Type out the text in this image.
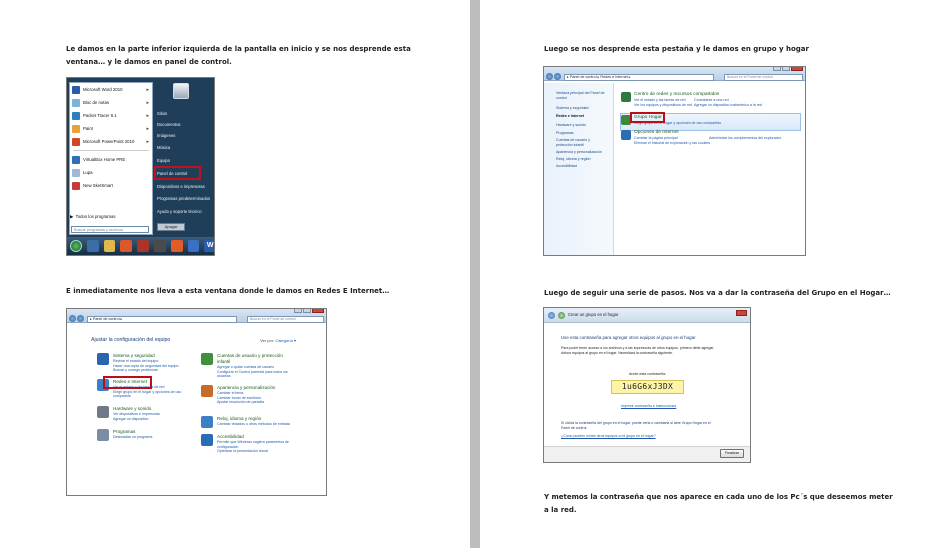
Le damos en la parte inferior izquierda de la pantalla en inicio y se nos desprende esta
ventana… y le damos en panel de control.
Microsoft Word 2010	▸
Bloc de notas	▸
Packet Tracer 6.1	▸
Paint	▸
Microsoft PowerPoint 2010 ▸
VirtualBox Home PRE
Lupa
New SketSmart
▶  Todos los programas
Buscar programas y archivos
Sitios
Documentos
Imágenes
Música
Equipo
Panel de control
Dispositivos e impresoras
Programas predeterminados
Ayuda y soporte técnico
Apagar
W
E inmediatamente nos lleva a esta ventana donde le damos en Redes E Internet…
▸ Panel de control ▸	Buscar en el Panel de control
Ajustar la configuración del equipo	Ver por: Categoría ▾
Sistema y seguridad
Revisar el estado del equipo
Hacer una copia de seguridad del equipo
Buscar y corregir problemas
Redes e Internet
Ver el estado y las tareas de red
Elegir grupo en el hogar y opciones de uso
compartido
Hardware y sonido
Ver dispositivos e impresoras
Agregar un dispositivo
Programas
Desinstalar un programa
Cuentas de usuario y protección
infantil
Agregar o quitar cuentas de usuario
Configurar el Control parental para todos los
usuarios
Apariencia y personalización
Cambiar el tema
Cambiar fondo de escritorio
Ajustar resolución de pantalla
Reloj, idioma y región
Cambiar teclados u otros métodos de entrada
Accesibilidad
Permitir que Windows sugiera parámetros de
configuración
Optimizar la presentación visual
Luego se nos desprende esta pestaña y le damos en grupo y hogar
Luego de seguir una serie de pasos. Nos va a dar la contraseña del Grupo en el Hogar…
Y metemos la contraseña que nos aparece en cada uno de los Pc´s que deseemos meter
a la red.
▸ Panel de control ▸ Redes e Internet ▸	Buscar en el Panel de control
Ventana principal del Panel de
control
Sistema y seguridad
Redes e Internet
Hardware y sonido
Programas
Cuentas de usuario y
protección infantil
Apariencia y personalización
Reloj, idioma y región
Accesibilidad
Centro de redes y recursos compartidos
Ver el estado y las tareas de red Conectarse a una red
Ver los equipos y dispositivos de red Agregar un dispositivo inalámbrico a la red
Grupo Hogar
Elegir grupo en el hogar y opciones de uso compartido
Opciones de Internet
Cambiar la página principal	Administrar los complementos del explorador
Eliminar el historial de exploración y las cookies
Crear un grupo en el hogar
Use esta contraseña para agregar otros equipos al grupo en el hogar
Para poder tener acceso a los archivos y a las impresoras de otros equipos, primero debe agregar
dichos equipos al grupo en el hogar. Necesitará la contraseña siguiente.
Anote esta contraseña:
1u6G6xJ3DX
Imprimir contraseña e instrucciones
Si olvida la contraseña del grupo en el hogar, puede verla o cambiarla si abre Grupo Hogar en el
Panel de control.
¿Cómo pueden unirse otros equipos a mi grupo en el hogar?
Finalizar
